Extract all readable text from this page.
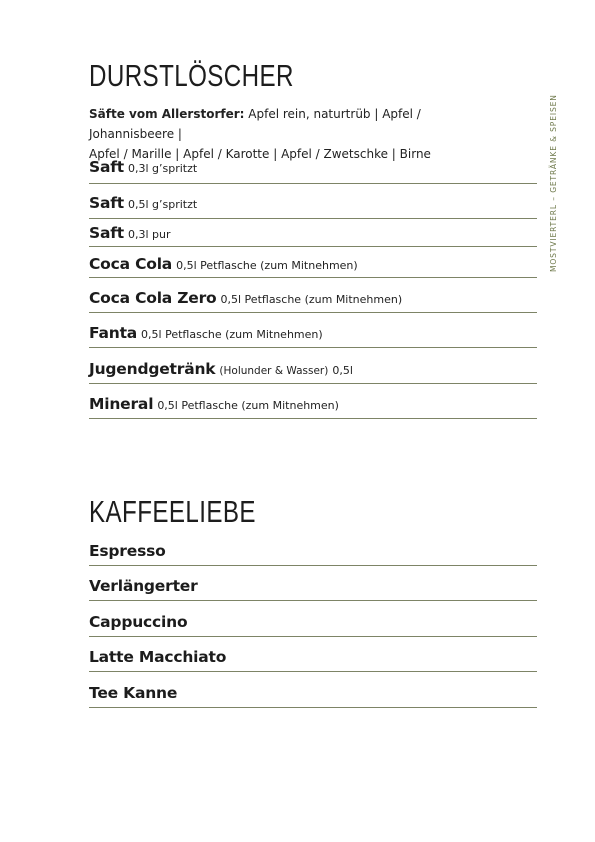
MOSTVIERTERL – GETRÄNKE & SPEISEN
DURSTLÖSCHER

Säfte vom Allerstorfer: Apfel rein, naturtrüb | Apfel / Johannisbeere |
Apfel / Marille | Apfel / Karotte | Apfel / Zwetschke | Birne

Saft 0,3l g’spritzt
Saft 0,5l g’spritzt
Saft 0,3l pur
Coca Cola 0,5l Petflasche (zum Mitnehmen)
Coca Cola Zero 0,5l Petflasche (zum Mitnehmen)
Fanta 0,5l Petflasche (zum Mitnehmen)
Jugendgetränk (Holunder & Wasser) 0,5l
Mineral 0,5l Petflasche (zum Mitnehmen)
KAFFEELIEBE
Espresso
Verlängerter
Cappuccino
Latte Macchiato
Tee Kanne
